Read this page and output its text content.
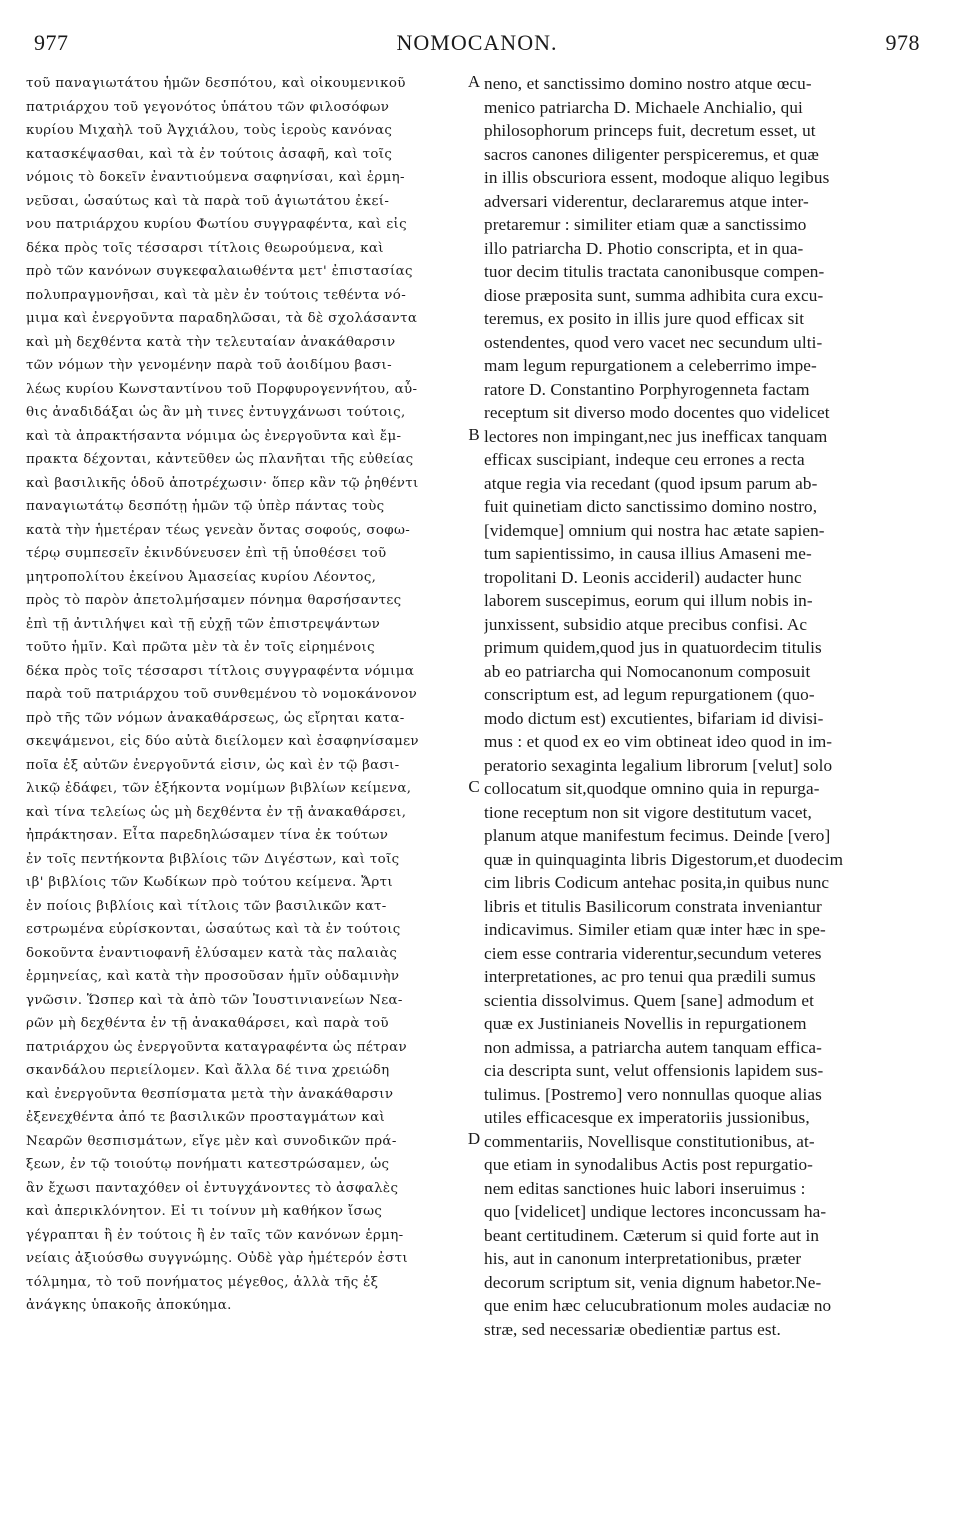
977	NOMOCANON.	978
τοῦ παναγιωτάτου ἡμῶν δεσπότου, καὶ οἰκουμενικοῦ
πατριάρχου τοῦ γεγονότος ὑπάτου τῶν φιλοσόφων
κυρίου Μιχαὴλ τοῦ Ἀγχιάλου, τοὺς ἱεροὺς κανόνας
κατασκέψασθαι, καὶ τὰ ἐν τούτοις ἀσαφῆ, καὶ τοῖς
νόμοις τὸ δοκεῖν ἐναντιούμενα σαφηνίσαι, καὶ ἑρμη-
νεῦσαι, ὡσαύτως καὶ τὰ παρὰ τοῦ ἁγιωτάτου ἐκεί-
νου πατριάρχου κυρίου Φωτίου συγγραφέντα, καὶ εἰς
δέκα πρὸς τοῖς τέσσαρσι τίτλοις θεωρούμενα, καὶ
πρὸ τῶν κανόνων συγκεφαλαιωθέντα μετ' ἐπιστασίας
πολυπραγμονῆσαι, καὶ τὰ μὲν ἐν τούτοις τεθέντα νό-
μιμα καὶ ἐνεργοῦντα παραδηλῶσαι, τὰ δὲ σχολάσαντα
καὶ μὴ δεχθέντα κατὰ τὴν τελευταίαν ἀνακάθαρσιν
τῶν νόμων τὴν γενομένην παρὰ τοῦ ἀοιδίμου βασι-
λέως κυρίου Κωνσταντίνου τοῦ Πορφυρογεννήτου, αὖ-
θις ἀναδιδάξαι ὡς ἂν μὴ τινες ἐντυγχάνωσι τούτοις,
καὶ τὰ ἀπρακτήσαντα νόμιμα ὡς ἐνεργοῦντα καὶ ἔμ-
πρακτα δέχονται, κἀντεῦθεν ὡς πλανῆται τῆς εὐθείας
καὶ βασιλικῆς ὁδοῦ ἀποτρέχωσιν· ὅπερ κἂν τῷ ῥηθέντι
παναγιωτάτῳ δεσπότῃ ἡμῶν τῷ ὑπὲρ πάντας τοὺς
κατὰ τὴν ἡμετέραν τέως γενεὰν ὄντας σοφούς, σοφω-
τέρῳ συμπεσεῖν ἐκινδύνευσεν ἐπὶ τῇ ὑποθέσει τοῦ
μητροπολίτου ἐκείνου Ἀμασείας κυρίου Λέοντος,
πρὸς τὸ παρὸν ἀπετολμήσαμεν πόνημα θαρσήσαντες
ἐπὶ τῇ ἀντιλήψει καὶ τῇ εὐχῇ τῶν ἐπιστρεψάντων
τοῦτο ἡμῖν. Καὶ πρῶτα μὲν τὰ ἐν τοῖς εἰρημένοις
δέκα πρὸς τοῖς τέσσαρσι τίτλοις συγγραφέντα νόμιμα
παρὰ τοῦ πατριάρχου τοῦ συνθεμένου τὸ νομοκάνονον
πρὸ τῆς τῶν νόμων ἀνακαθάρσεως, ὡς εἴρηται κατα-
σκεψάμενοι, εἰς δύο αὐτὰ διείλομεν καὶ ἐσαφηνίσαμεν
ποῖα ἐξ αὐτῶν ἐνεργοῦντά εἰσιν, ὡς καὶ ἐν τῷ βασι-
λικῷ ἐδάφει, τῶν ἑξήκοντα νομίμων βιβλίων κείμενα,
καὶ τίνα τελείως ὡς μὴ δεχθέντα ἐν τῇ ἀνακαθάρσει,
ἠπράκτησαν. Εἶτα παρεδηλώσαμεν τίνα ἐκ τούτων
ἐν τοῖς πεντήκοντα βιβλίοις τῶν Διγέστων, καὶ τοῖς
ιβ' βιβλίοις τῶν Κωδίκων πρὸ τούτου κείμενα. Ἄρτι
ἐν ποίοις βιβλίοις καὶ τίτλοις τῶν βασιλικῶν κατ-
εστρωμένα εὑρίσκονται, ὡσαύτως καὶ τὰ ἐν τούτοις
δοκοῦντα ἐναντιοφανῆ ἐλύσαμεν κατὰ τὰς παλαιὰς
ἑρμηνείας, καὶ κατὰ τὴν προσοῦσαν ἡμῖν οὐδαμινὴν
γνῶσιν. Ὥσπερ καὶ τὰ ἀπὸ τῶν Ἰουστινιανείων Νεα-
ρῶν μὴ δεχθέντα ἐν τῇ ἀνακαθάρσει, καὶ παρὰ τοῦ
πατριάρχου ὡς ἐνεργοῦντα καταγραφέντα ὡς πέτραν
σκανδάλου περιείλομεν. Καὶ ἄλλα δέ τινα χρειώδη
καὶ ἐνεργοῦντα θεσπίσματα μετὰ τὴν ἀνακάθαρσιν
ἐξενεχθέντα ἀπό τε βασιλικῶν προσταγμάτων καὶ
Νεαρῶν θεσπισμάτων, εἴγε μὲν καὶ συνοδικῶν πρά-
ξεων, ἐν τῷ τοιούτῳ πονήματι κατεστρώσαμεν, ὡς
ἂν ἔχωσι πανταχόθεν οἱ ἐντυγχάνοντες τὸ ἀσφαλὲς
καὶ ἀπερικλόνητον. Εἰ τι τοίνυν μὴ καθήκον ἴσως
γέγραπται ἢ ἐν τούτοις ἢ ἐν ταῖς τῶν κανόνων ἑρμη-
νείαις ἀξιούσθω συγγνώμης. Οὐδὲ γὰρ ἡμέτερόν ἐστι
τόλμημα, τὸ τοῦ πονήματος μέγεθος, ἀλλὰ τῆς ἐξ
ἀνάγκης ὑπακοῆς ἀποκύημα.
neno, et sanctissimo domino nostro atque œcu-
menico patriarcha D. Michaele Anchialio, qui
philosophorum princeps fuit, decretum esset, ut
sacros canones diligenter perspiceremus, et quæ
in illis obscuriora essent, modoque aliquo legibus
adversari viderentur, declararemus atque inter-
pretaremur : similiter etiam quæ a sanctissimo
illo patriarcha D. Photio conscripta, et in qua-
tuor decim titulis tractata canonibusque compen-
diose præposita sunt, summa adhibita cura excu-
teremus, ex posito in illis jure quod efficax sit
ostendentes, quod vero vacet nec secundum ulti-
mam legum repurgationem a celeberrimo impe-
ratore D. Constantino Porphyrogenneta factam
receptum sit diverso modo docentes quo videlicet
lectores non impingant,nec jus inefficax tanquam
efficax suscipiant, indeque ceu errones a recta
atque regia via recedant (quod ipsum parum ab-
fuit quinetiam dicto sanctissimo domino nostro,
[videmque] omnium qui nostra hac ætate sapien-
tum sapientissimo, in causa illius Amaseni me-
tropolitani D. Leonis accideril) audacter hunc
laborem suscepimus, eorum qui illum nobis in-
junxissent, subsidio atque precibus confisi. Ac
primum quidem,quod jus in quatuordecim titulis
ab eo patriarcha qui Nomocanonum composuit
conscriptum est, ad legum repurgationem (quo-
modo dictum est) excutientes, bifariam id divisi-
mus : et quod ex eo vim obtineat ideo quod in im-
peratorio sexaginta legalium librorum [velut] solo
collocatum sit,quodque omnino quia in repurga-
tione receptum non sit vigore destitutum vacet,
planum atque manifestum fecimus. Deinde [vero]
quæ in quinquaginta libris Digestorum,et duodecim
cim libris Codicum antehac posita,in quibus nunc
libris et titulis Basilicorum constrata inveniantur
indicavimus. Similer etiam quæ inter hæc in spe-
ciem esse contraria viderentur,secundum veteres
interpretationes, ac pro tenui qua prædili sumus
scientia dissolvimus. Quem [sane] admodum et
quæ ex Justinianeis Novellis in repurgationem
non admissa, a patriarcha autem tanquam effica-
cia descripta sunt, velut offensionis lapidem sus-
tulimus. [Postremo] vero nonnullas quoque alias
utiles efficacesque ex imperatoriis jussionibus,
commentariis, Novellisque constitutionibus, at-
que etiam in synodalibus Actis post repurgatio-
nem editas sanctiones huic labori inseruimus :
quo [videlicet] undique lectores inconcussam ha-
beant certitudinem. Cæterum si quid forte aut in
his, aut in canonum interpretationibus, præter
decorum scriptum sit, venia dignum habetor.Ne-
que enim hæc celucubrationum moles audaciæ no
stræ, sed necessariæ obedientiæ partus est.
A
B
C
D
